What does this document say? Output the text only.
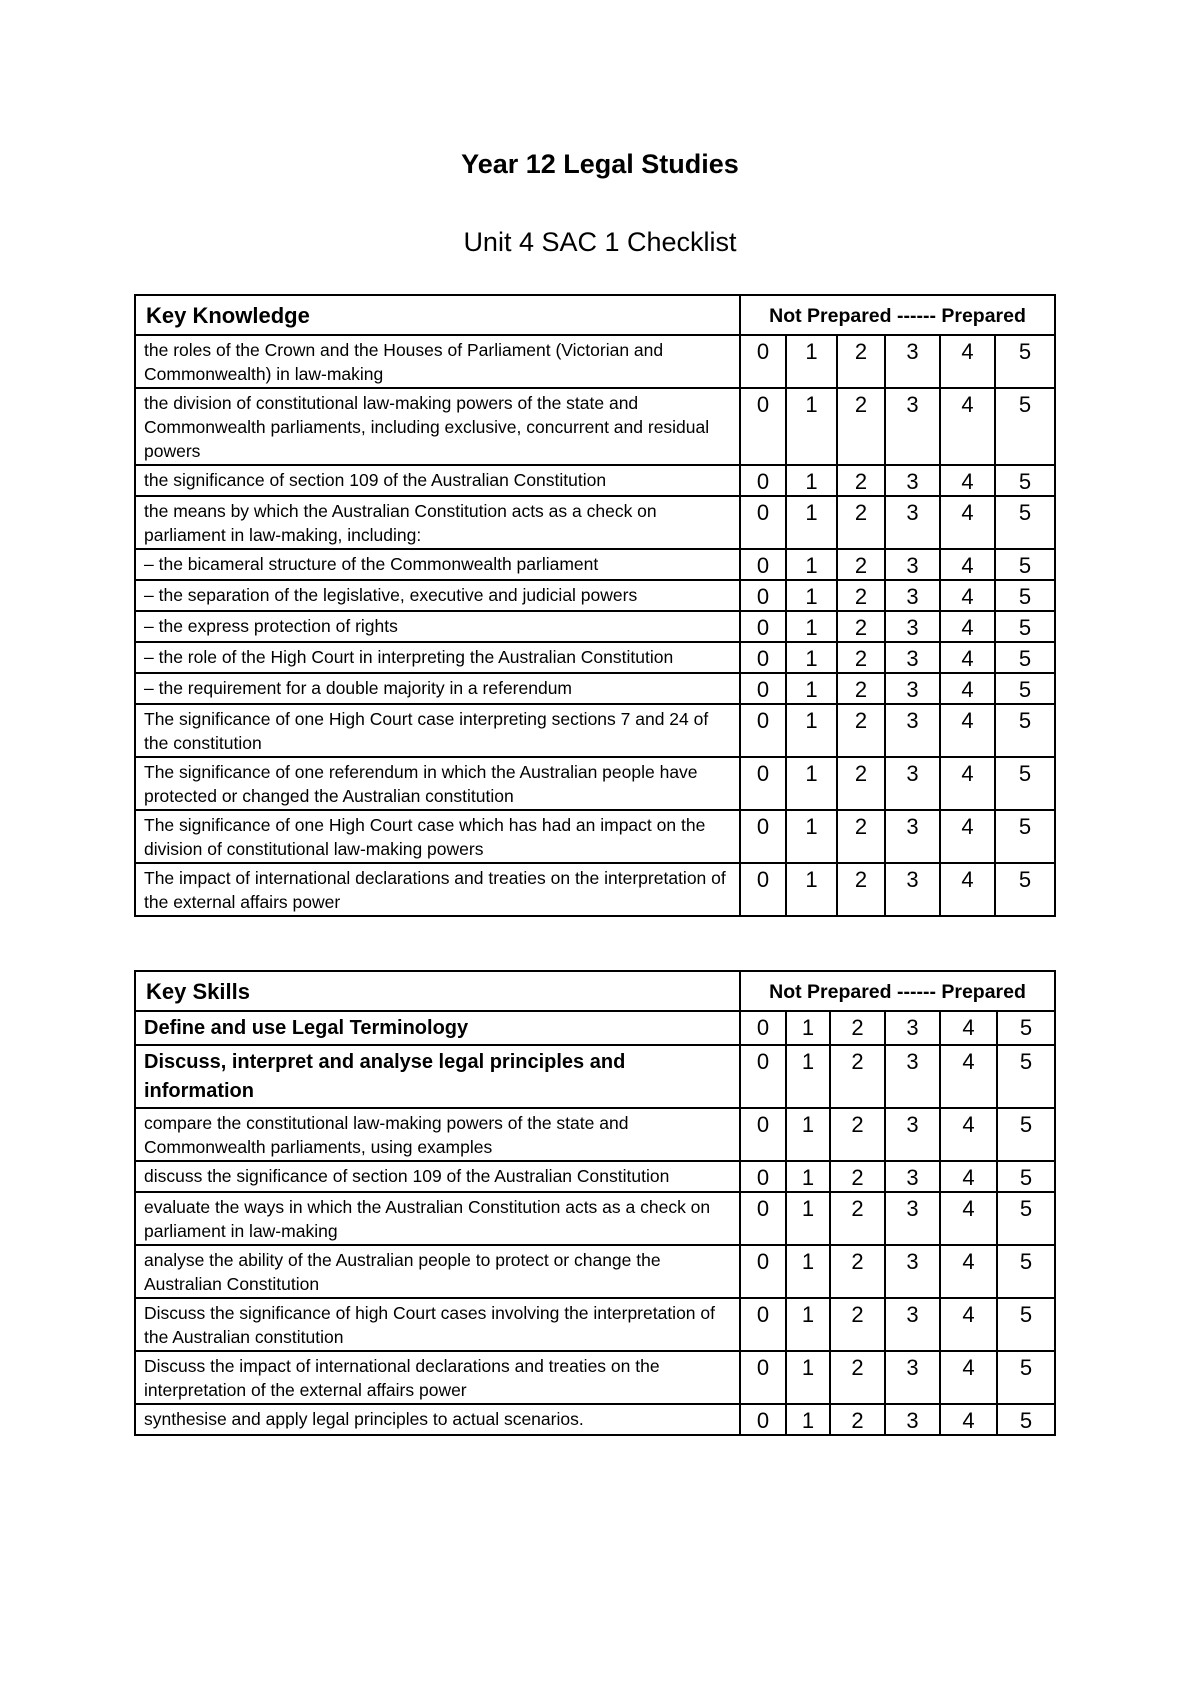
Year 12 Legal Studies
Unit 4 SAC 1 Checklist
Key Knowledge	Not Prepared ------ Prepared					
the roles of the Crown and the Houses of Parliament (Victorian and Commonwealth) in law-making	0	1	2	3	4	5
the division of constitutional law-making powers of the state and Commonwealth parliaments, including exclusive, concurrent and residual powers	0	1	2	3	4	5
the significance of section 109 of the Australian Constitution	0	1	2	3	4	5
the means by which the Australian Constitution acts as a check on parliament in law-making, including:	0	1	2	3	4	5
– the bicameral structure of the Commonwealth parliament	0	1	2	3	4	5
– the separation of the legislative, executive and judicial powers	0	1	2	3	4	5
– the express protection of rights	0	1	2	3	4	5
– the role of the High Court in interpreting the Australian Constitution	0	1	2	3	4	5
– the requirement for a double majority in a referendum	0	1	2	3	4	5
The significance of one High Court case interpreting sections 7 and 24 of the constitution	0	1	2	3	4	5
The significance of one referendum in which the Australian people have protected or changed the Australian constitution	0	1	2	3	4	5
The significance of one High Court case which has had an impact on the division of constitutional law-making powers	0	1	2	3	4	5
The impact of international declarations and treaties on the interpretation of the external affairs power	0	1	2	3	4	5
Key Skills	Not Prepared ------ Prepared					
Define and use Legal Terminology	0	1	2	3	4	5
Discuss, interpret and analyse legal principles and information	0	1	2	3	4	5
compare the constitutional law-making powers of the state and Commonwealth parliaments, using examples	0	1	2	3	4	5
discuss the significance of section 109 of the Australian Constitution	0	1	2	3	4	5
evaluate the ways in which the Australian Constitution acts as a check on parliament in law-making	0	1	2	3	4	5
analyse the ability of the Australian people to protect or change the Australian Constitution	0	1	2	3	4	5
Discuss the significance of high Court cases involving the interpretation of the Australian constitution	0	1	2	3	4	5
Discuss the impact of international declarations and treaties on the interpretation of the external affairs power	0	1	2	3	4	5
synthesise and apply legal principles to actual scenarios.	0	1	2	3	4	5
